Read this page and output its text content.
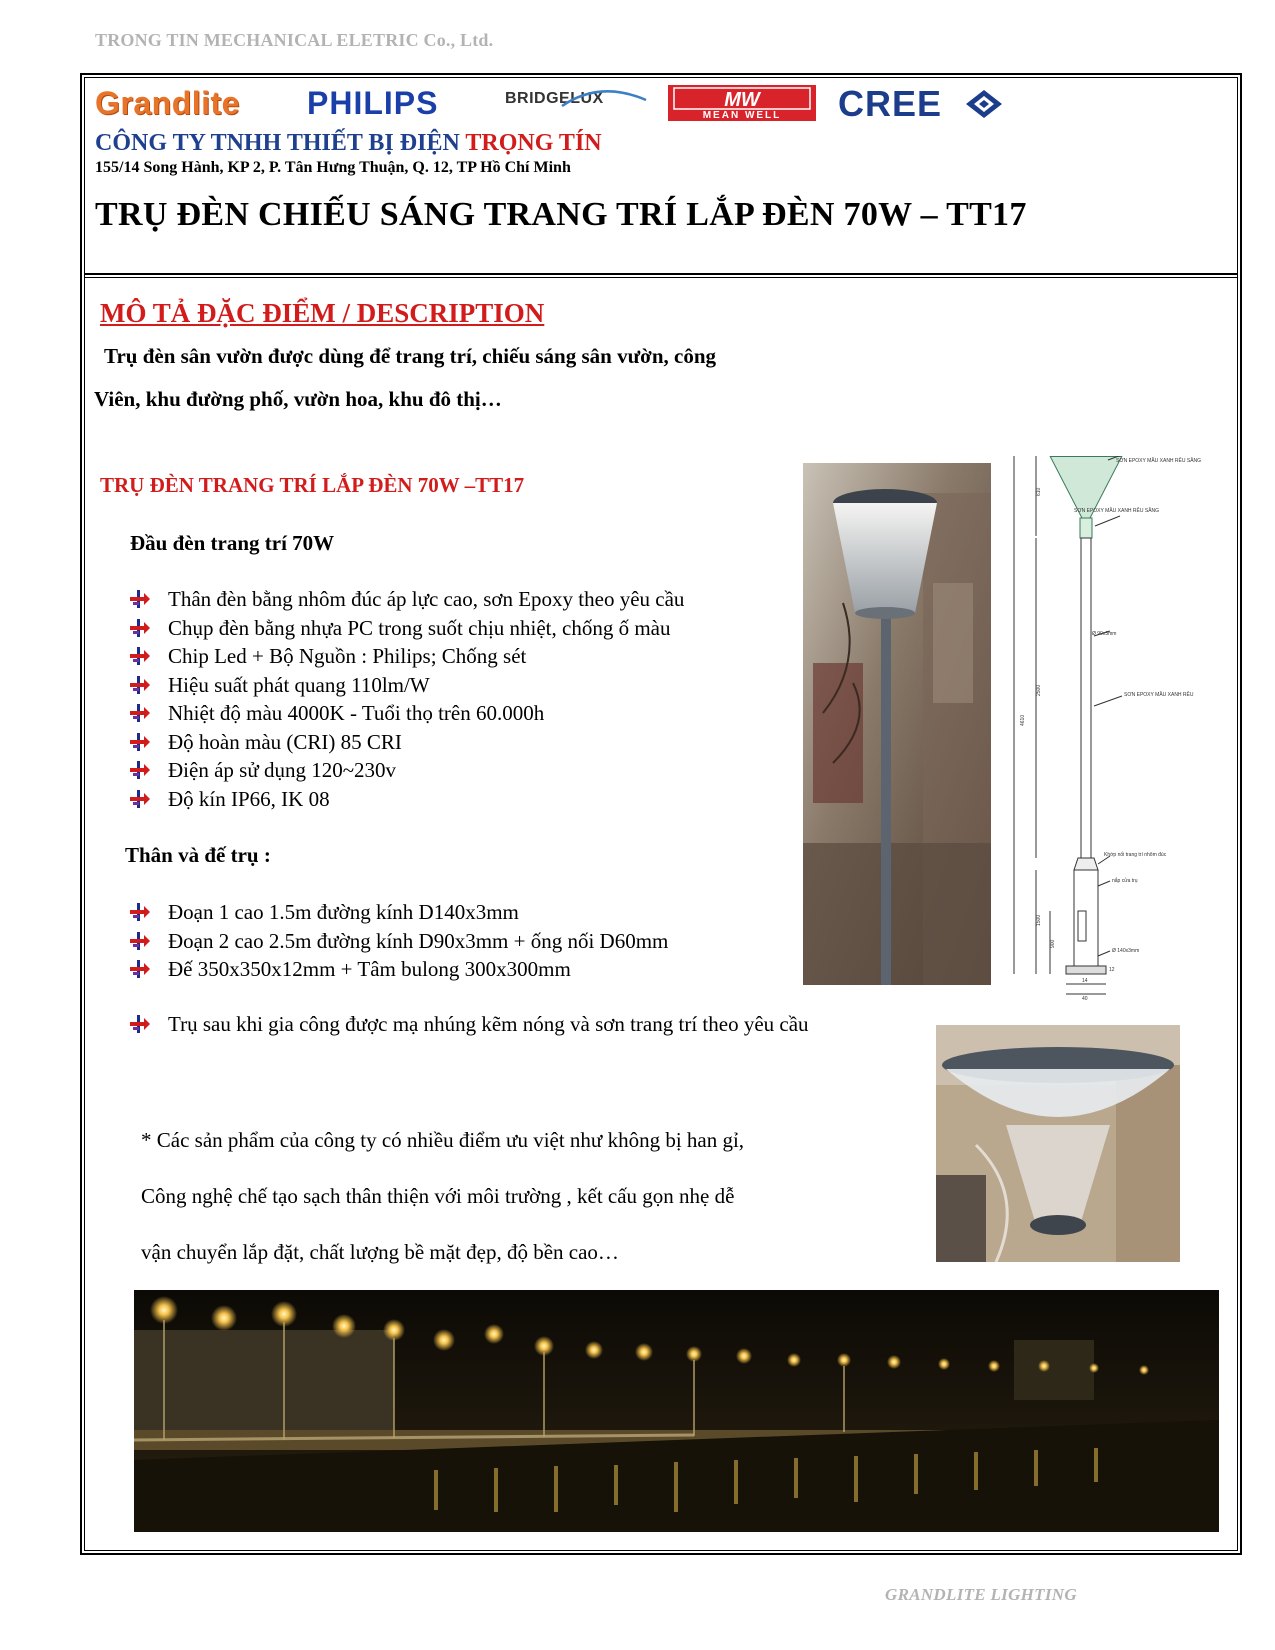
TRONG TIN MECHANICAL ELETRIC Co., Ltd.
Grandlite PHILIPS	BRIDGELUX	MW
MEAN WELL CREE
CÔNG TY TNHH THIẾT BỊ ĐIỆN TRỌNG TÍN
155/14 Song Hành, KP 2, P. Tân Hưng Thuận, Q. 12, TP Hồ Chí Minh
TRỤ ĐÈN CHIẾU SÁNG TRANG TRÍ LẮP ĐÈN 70W – TT17
MÔ TẢ ĐẶC ĐIỂM / DESCRIPTION
Trụ đèn sân vườn được dùng để trang trí, chiếu sáng sân vườn, công
Viên, khu đường phố, vườn hoa, khu đô thị…
TRỤ ĐÈN TRANG TRÍ LẮP ĐÈN 70W –TT17
Đầu đèn trang trí 70W
Thân đèn bằng nhôm đúc áp lực cao, sơn Epoxy theo yêu cầu
Chụp đèn bằng nhựa PC trong suốt chịu nhiệt, chống ố màu
Chip Led + Bộ Nguồn : Philips; Chống sét
Hiệu suất phát quang 110lm/W
Nhiệt độ màu 4000K - Tuổi thọ trên 60.000h
Độ hoàn màu (CRI) 85 CRI
Điện áp sử dụng 120~230v
Độ kín IP66, IK 08
Thân và đế trụ :
Đoạn 1 cao 1.5m đường kính D140x3mm
Đoạn 2 cao 2.5m đường kính D90x3mm + ống nối D60mm
Đế 350x350x12mm + Tâm bulong 300x300mm
Trụ sau khi gia công được mạ nhúng kẽm nóng và sơn trang trí theo yêu cầu
* Các sản phẩm của công ty có nhiều điểm ưu việt như không bị han gỉ,
Công nghệ chế tạo sạch thân thiện với môi trường , kết cấu gọn nhẹ dễ
vận chuyển lắp đặt, chất lượng bề mặt đẹp, độ bền cao…
SƠN EPOXY MẦU XANH RÊU SẦNG
SƠN EPOXY MẦU XANH RÊU SẦNG
Ø 90x3mm
SƠN EPOXY MẦU XANH RÊU
Khớp nối trang trí nhôm đúc
nắp cửa trụ
Ø 140x3mm
4610
610
2500
1500
900
12
14
40
GRANDLITE LIGHTING
